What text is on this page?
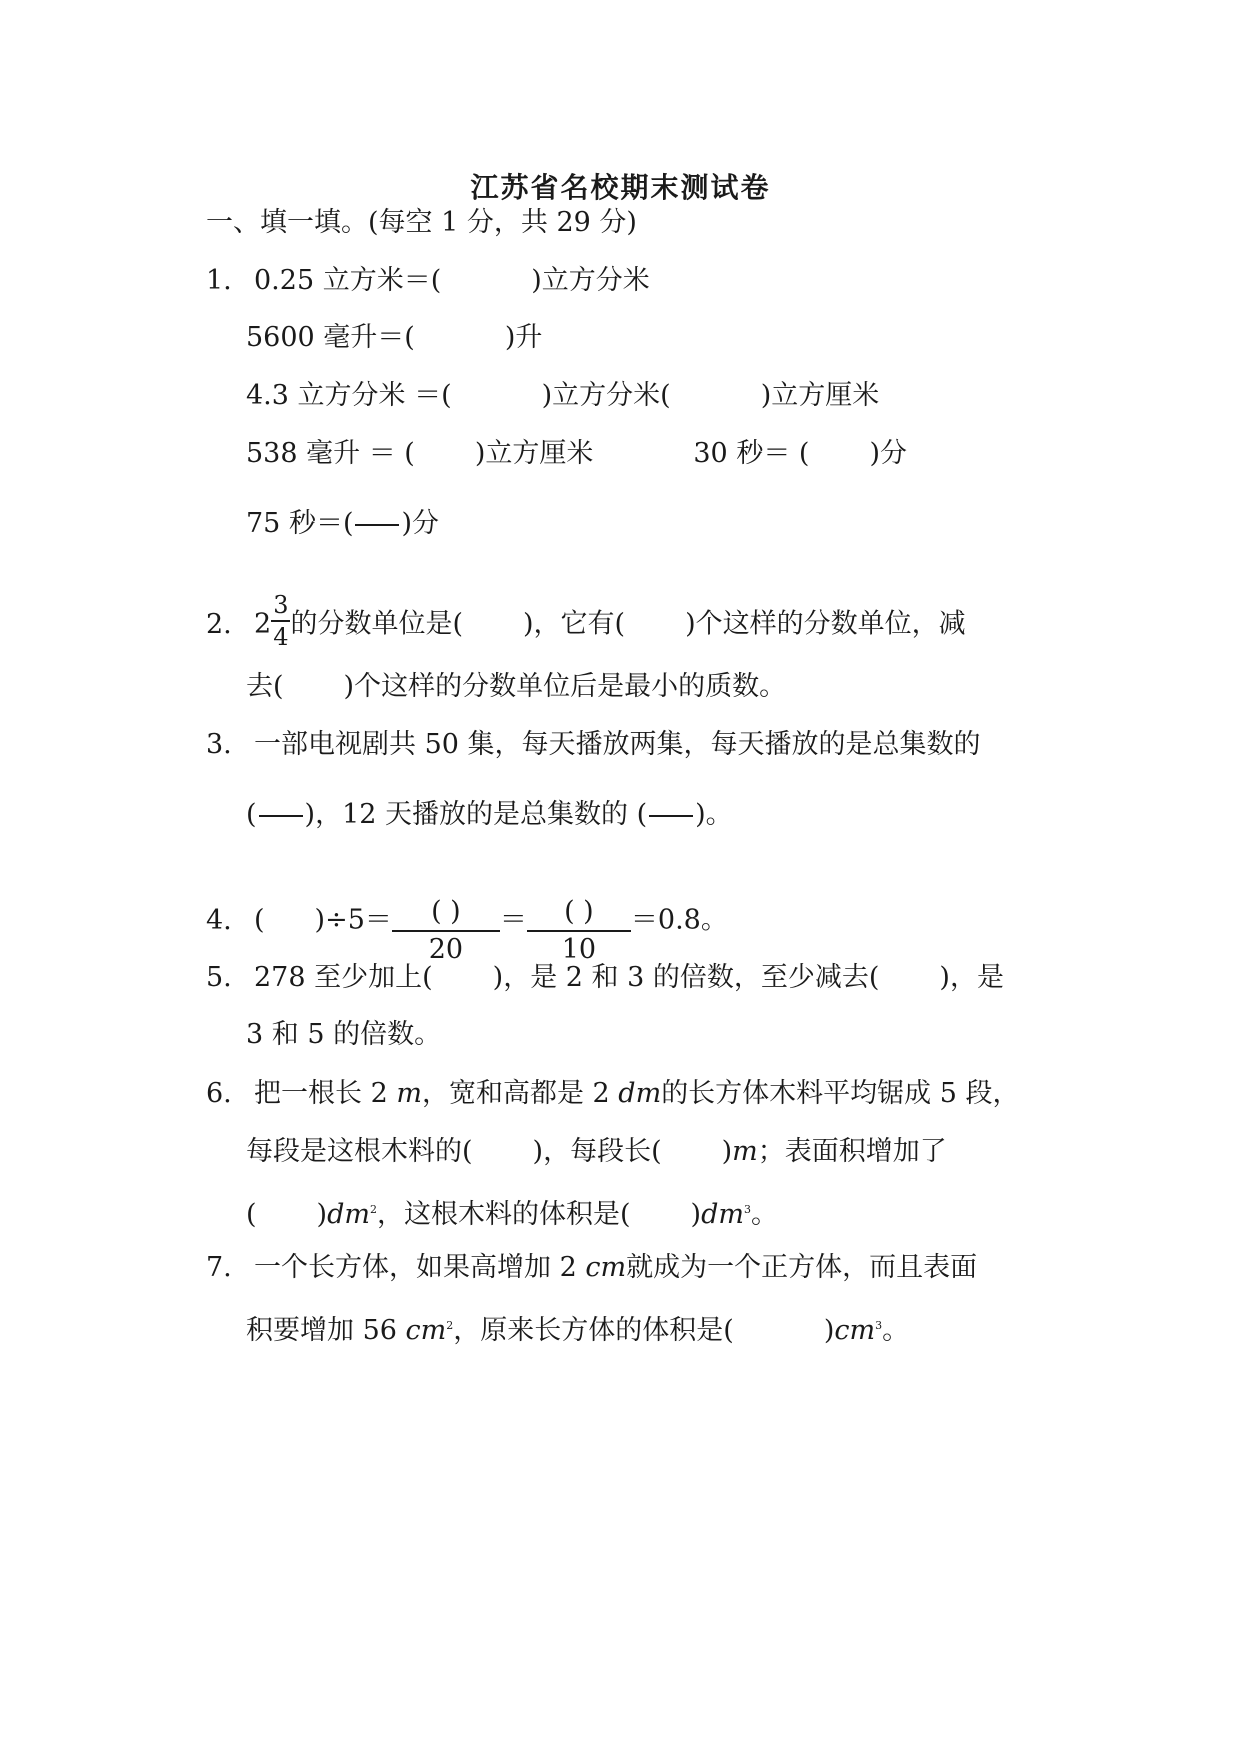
江苏省名校期末测试卷
一、填一填。(每空 1 分，共 29 分)
1. 0.25 立方米＝(	)立方分米
5600 毫升＝(	)升
4.3 立方分米 ＝(	)立方分米(	)立方厘米
538 毫升 ＝ ( )立方厘米	30 秒＝ ( )分
75 秒＝( )分
2. $2 \frac{3}{4}$ 的分数单位是( )，它有( )个这样的分数单位，减
去( )个这样的分数单位后是最小的质数。
3. 一部电视剧共 50 集，每天播放两集，每天播放的是总集数的
( )，12 天播放的是总集数的 ( )。
4. ( )÷5＝	( )
20
＝	( )
10
＝0.8。
5. 278 至少加上( )，是 2 和 3 的倍数，至少减去( )，是
3 和 5 的倍数。
6. 把一根长 2 m，宽和高都是 2 dm的长方体木料平均锯成 5 段，
每段是这根木料的( )，每段长( )m；表面积增加了
( )$dm^2$，这根木料的体积是( )$dm^3$。
7. 一个长方体，如果高增加 2 cm就成为一个正方体，而且表面
积要增加 56 $cm^2$，原来长方体的体积是(	)$cm^3$。
